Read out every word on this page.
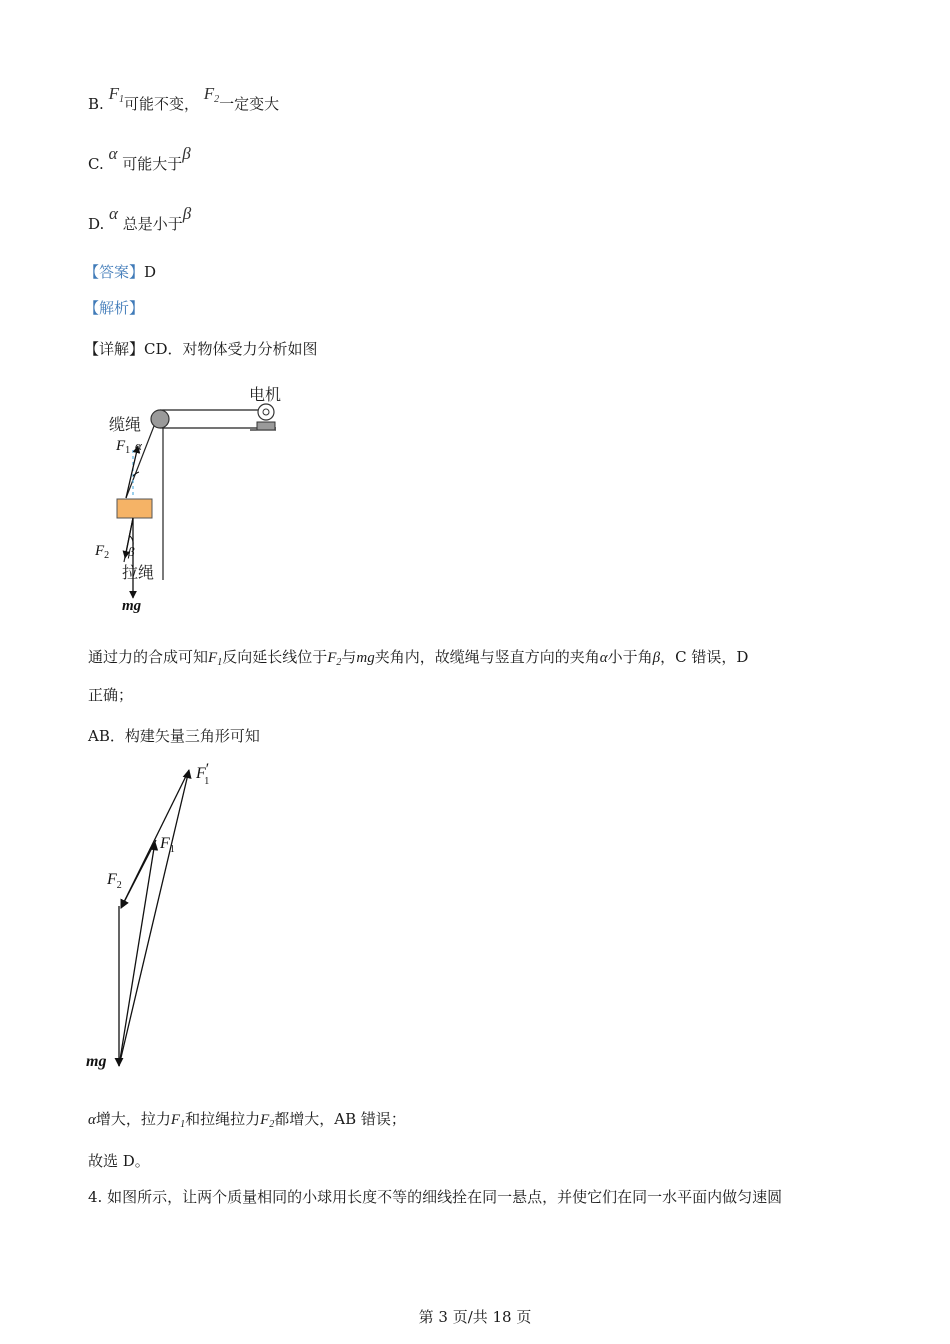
B. $F_1$可能不变， $F_2$一定变大
C. α 可能大于β
D. α 总是小于β
【答案】D
【解析】
【详解】CD．对物体受力分析如图
电机
$F_1$ α
缆绳
$F_2$ β
拉绳
mg
通过力的合成可知$F_1$反向延长线位于$F_2$与mg夹角内，故缆绳与竖直方向的夹角α小于角β，C 错误，D
正确；
AB．构建矢量三角形可知
F′ 1
$F_1$
$F_2$
mg
α增大，拉力$F_1$和拉绳拉力$F_2$都增大，AB 错误；
故选 D。
4. 如图所示，让两个质量相同的小球用长度不等的细线拴在同一悬点，并使它们在同一水平面内做匀速圆
第 3 页/共 18 页
